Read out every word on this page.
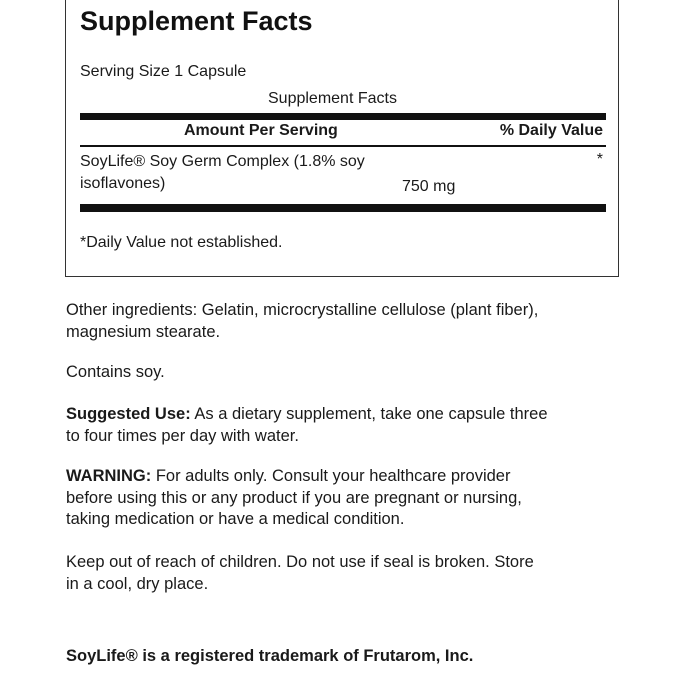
Supplement Facts
Serving Size 1 Capsule
Supplement Facts
Amount Per Serving	% Daily Value
SoyLife® Soy Germ Complex (1.8% soy
isoflavones)	750 mg
*
*Daily Value not established.
Other ingredients: Gelatin, microcrystalline cellulose (plant fiber),
magnesium stearate.
Contains soy.
Suggested Use: As a dietary supplement, take one capsule three
to four times per day with water.
WARNING: For adults only. Consult your healthcare provider
before using this or any product if you are pregnant or nursing,
taking medication or have a medical condition.
Keep out of reach of children. Do not use if seal is broken. Store
in a cool, dry place.
SoyLife® is a registered trademark of Frutarom, Inc.
